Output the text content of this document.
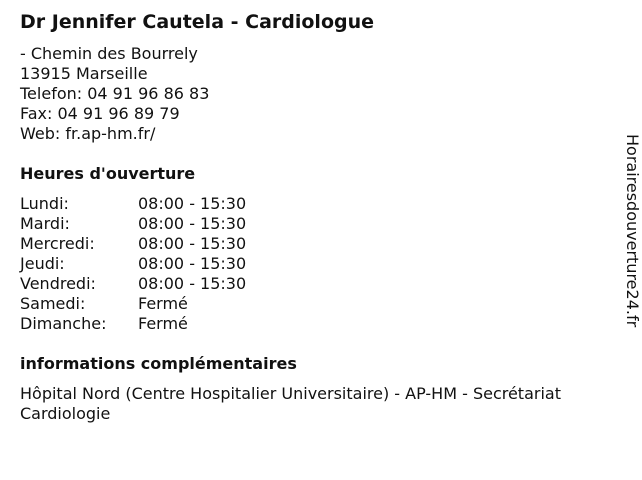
Dr Jennifer Cautela - Cardiologue
- Chemin des Bourrely
13915 Marseille
Telefon: 04 91 96 86 83
Fax: 04 91 96 89 79
Web: fr.ap-hm.fr/
Heures d'ouverture
Lundi:	08:00 - 15:30
Mardi:	08:00 - 15:30
Mercredi:	08:00 - 15:30
Jeudi:	08:00 - 15:30
Vendredi:	08:00 - 15:30
Samedi:	Fermé
Dimanche:	Fermé
informations complémentaires
Hôpital Nord (Centre Hospitalier Universitaire) - AP-HM - Secrétariat Cardiologie
Horairesdouverture24.fr
